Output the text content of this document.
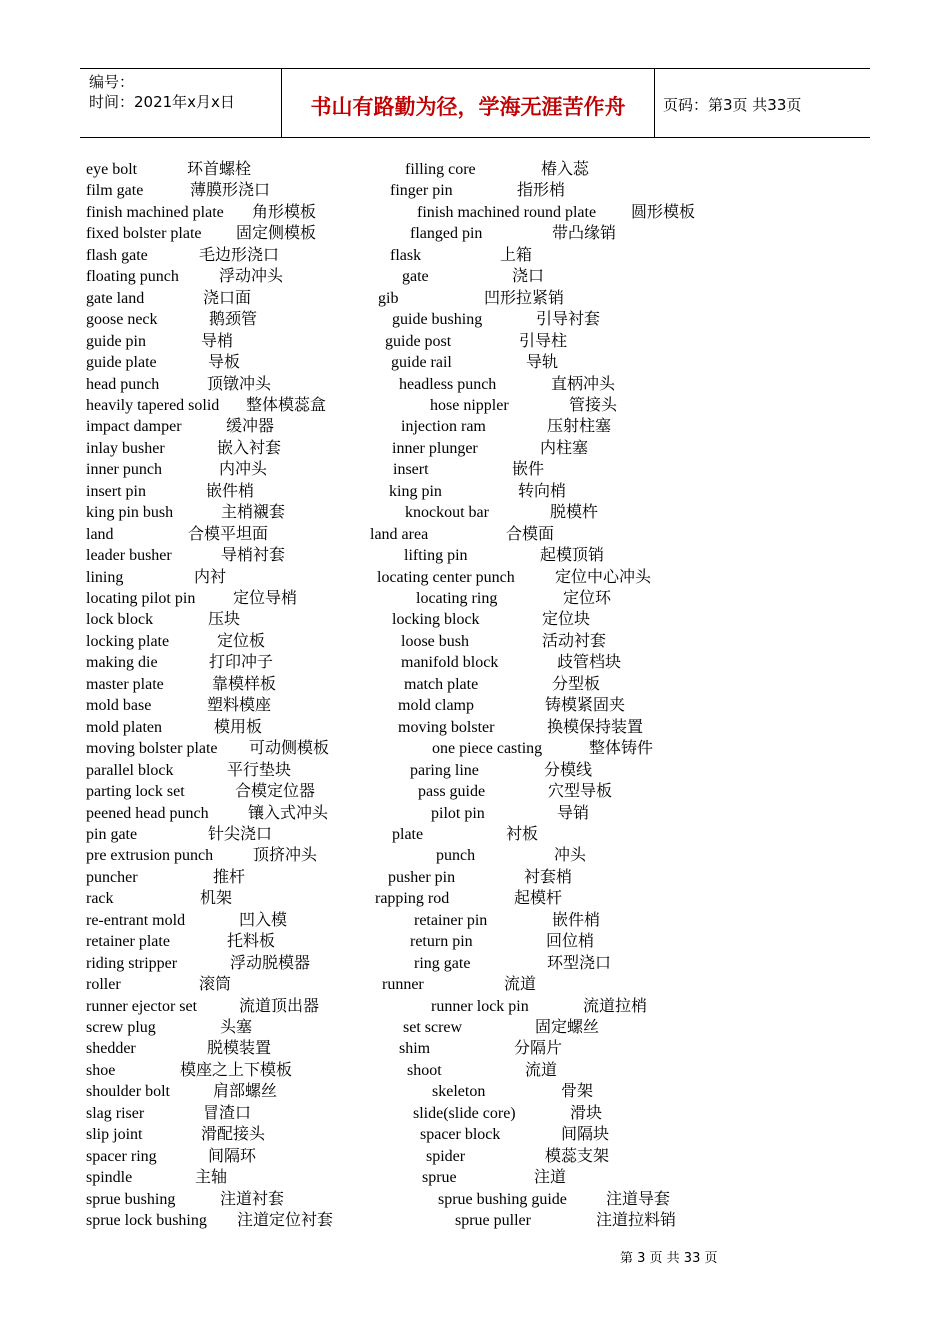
编号：
时间：2021年x月x日	书山有路勤为径，学海无涯苦作舟	页码：第3页 共33页
eye bolt	环首螺栓
film gate	薄膜形浇口
finish machined plate 角形模板
fixed bolster plate 固定侧模板
flash gate	毛边形浇口
floating punch	浮动冲头
gate land	浇口面
goose neck	鹅颈管
guide pin	导梢
guide plate	导板
head punch	顶镦冲头
heavily tapered solid 整体模蕊盒
impact damper	缓冲器
inlay busher	嵌入衬套
inner punch	内冲头
insert pin	嵌件梢
king pin bush	主梢襯套
land	合模平坦面
leader busher	导梢衬套
lining	内衬
locating pilot pin 定位导梢
lock block	压块
locking plate	定位板
making die	打印冲子
master plate	靠模样板
mold base	塑料模座
mold platen	模用板
moving bolster plate 可动侧模板
parallel block	平行垫块
parting lock set	合模定位器
peened head punch 镶入式冲头
pin gate	针尖浇口
pre extrusion punch 顶挤冲头
puncher	推杆
rack	机架
re-entrant mold	凹入模
retainer plate	托料板
riding stripper	浮动脱模器
roller	滚筒
runner ejector set	流道顶出器
screw plug	头塞
shedder	脱模装置
shoe	模座之上下模板
shoulder bolt	肩部螺丝
slag riser	冒渣口
slip joint	滑配接头
spacer ring	间隔环
spindle	主轴
sprue bushing	注道衬套
sprue lock bushing 注道定位衬套
filling core	椿入蕊
finger pin	指形梢
finish machined round plate 圆形模板
flanged pin	带凸缘销
flask	上箱
gate	浇口
gib	凹形拉紧销
guide bushing	引导衬套
guide post	引导柱
guide rail	导轨
headless punch	直柄冲头
hose nippler	管接头
injection ram	压射柱塞
inner plunger	内柱塞
insert	嵌件
king pin	转向梢
knockout bar	脱模杵
land area	合模面
lifting pin	起模顶销
locating center punch	定位中心冲头
locating ring	定位环
locking block	定位块
loose bush	活动衬套
manifold block	歧管档块
match plate	分型板
mold clamp	铸模紧固夹
moving bolster	换模保持装置
one piece casting	整体铸件
paring line	分模线
pass guide	穴型导板
pilot pin	导销
plate	衬板
punch	冲头
pusher pin	衬套梢
rapping rod	起模杆
retainer pin	嵌件梢
return pin	回位梢
ring gate	环型浇口
runner	流道
runner lock pin	流道拉梢
set screw	固定螺丝
shim	分隔片
shoot	流道
skeleton	骨架
slide(slide core)	滑块
spacer block	间隔块
spider	模蕊支架
sprue	注道
sprue bushing guide 注道导套
sprue puller	注道拉料销
第 3 页 共 33 页
